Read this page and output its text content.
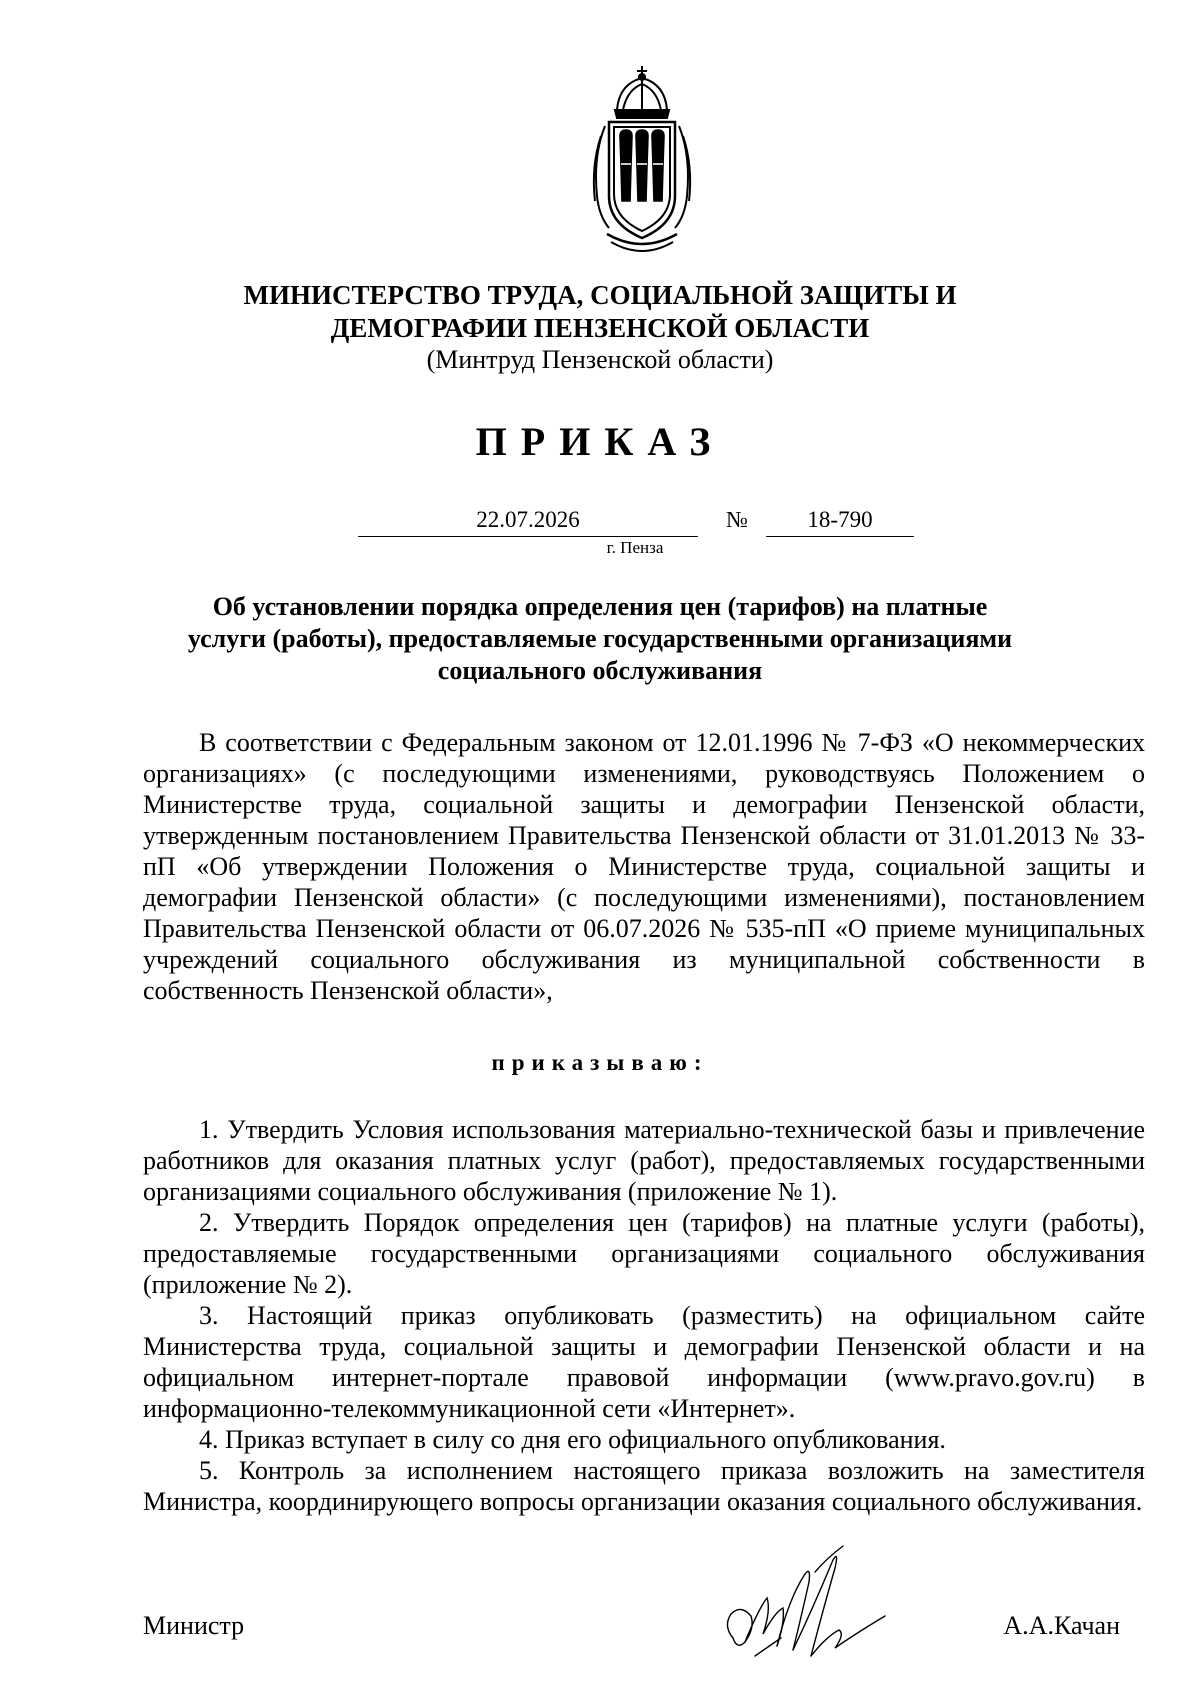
МИНИСТЕРСТВО ТРУДА, СОЦИАЛЬНОЙ ЗАЩИТЫ И
ДЕМОГРАФИИ ПЕНЗЕНСКОЙ ОБЛАСТИ
(Минтруд Пензенской области)
ПРИКАЗ
22.07.2026	№	18-790
г. Пенза
Об установлении порядка определения цен (тарифов) на платные
услуги (работы), предоставляемые государственными организациями
социального обслуживания

В соответствии с Федеральным законом от 12.01.1996 № 7-ФЗ «О некоммерческих организациях» (с последующими изменениями, руководствуясь Положением о Министерстве труда, социальной защиты и демографии Пензенской области, утвержденным постановлением Правительства Пензенской области от 31.01.2013 № 33-пП «Об утверждении Положения о Министерстве труда, социальной защиты и демографии Пензенской области» (с последующими изменениями), постановлением Правительства Пензенской области от 06.07.2026 № 535-пП «О приеме муниципальных учреждений социального обслуживания из муниципальной собственности в собственность Пензенской области»,

приказываю:

1. Утвердить Условия использования материально-технической базы и привлечение работников для оказания платных услуг (работ), предоставляемых государственными организациями социального обслуживания (приложение № 1).

2. Утвердить Порядок определения цен (тарифов) на платные услуги (работы), предоставляемые государственными организациями социального обслуживания (приложение № 2).

3. Настоящий приказ опубликовать (разместить) на официальном сайте Министерства труда, социальной защиты и демографии Пензенской области и на официальном интернет-портале правовой информации (www.pravo.gov.ru) в информационно-телекоммуникационной сети «Интернет».

4. Приказ вступает в силу со дня его официального опубликования.

5. Контроль за исполнением настоящего приказа возложить на заместителя Министра, координирующего вопросы организации оказания социального обслуживания.

Министр	А.А.Качан
